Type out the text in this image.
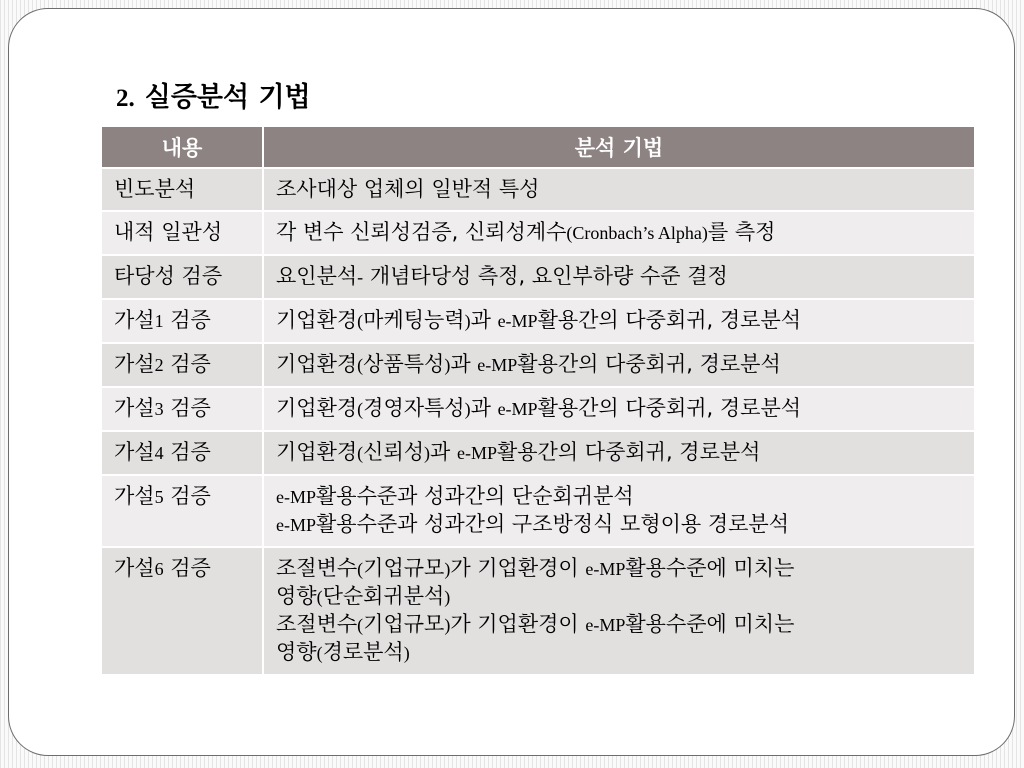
2. 실증분석 기법
내용	분석 기법

빈도분석	조사대상 업체의 일반적 특성

내적 일관성	각 변수 신뢰성검증, 신뢰성계수(Cronbach’s Alpha)를 측정

타당성 검증	요인분석- 개념타당성 측정, 요인부하량 수준 결정

가설1 검증	기업환경(마케팅능력)과 e-MP활용간의 다중회귀, 경로분석

가설2 검증	기업환경(상품특성)과 e-MP활용간의 다중회귀, 경로분석

가설3 검증	기업환경(경영자특성)과 e-MP활용간의 다중회귀, 경로분석

가설4 검증	기업환경(신뢰성)과 e-MP활용간의 다중회귀, 경로분석

가설5 검증	e-MP활용수준과 성과간의 단순회귀분석
e-MP활용수준과 성과간의 구조방정식 모형이용 경로분석

가설6 검증	조절변수(기업규모)가 기업환경이 e-MP활용수준에 미치는
영향(단순회귀분석)
조절변수(기업규모)가 기업환경이 e-MP활용수준에 미치는
영향(경로분석)
